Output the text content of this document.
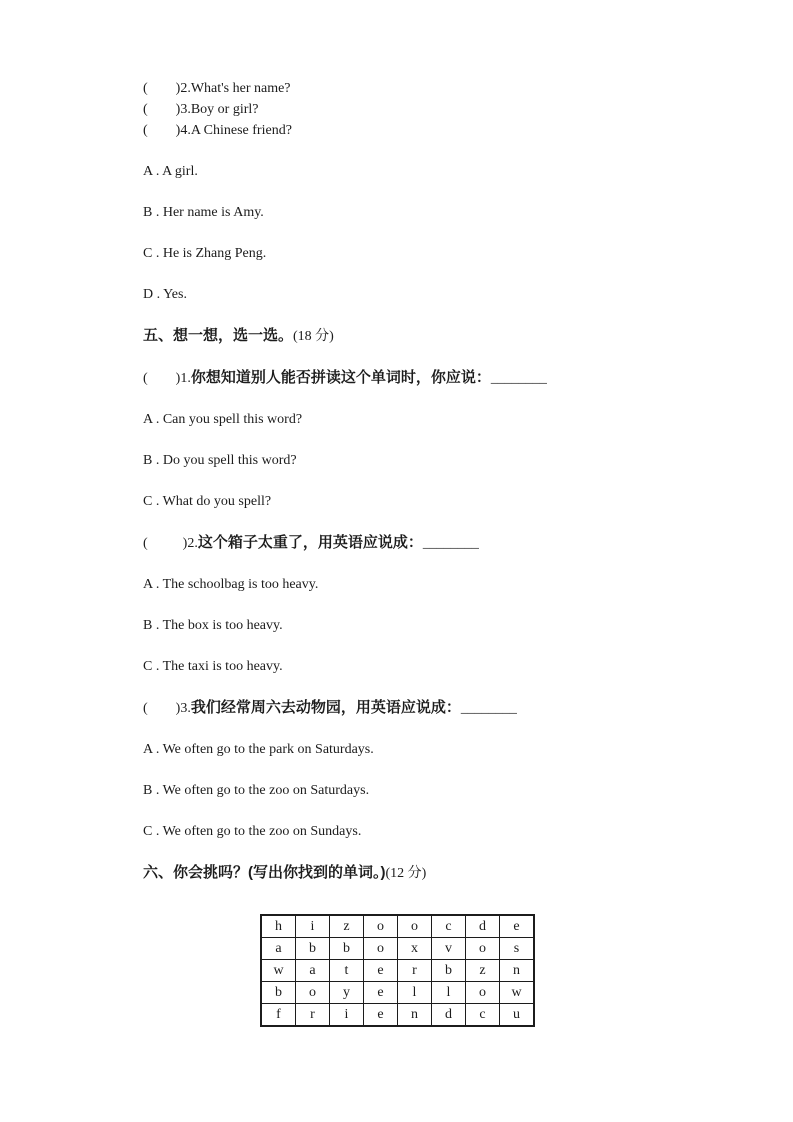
(        )2.What's her name?

(        )3.Boy or girl?

(        )4.A Chinese friend?

A . A girl.

B . Her name is Amy.

C . He is Zhang Peng.

D . Yes.

五、想一想，选一选。(18 分)

(        )1.你想知道别人能否拼读这个单词时，你应说：________

A . Can you spell this word?

B . Do you spell this word?

C . What do you spell?

(          )2.这个箱子太重了，用英语应说成：________

A . The schoolbag is too heavy.

B . The box is too heavy.

C . The taxi is too heavy.

(        )3.我们经常周六去动物园，用英语应说成：________

A . We often go to the park on Saturdays.

B . We often go to the zoo on Saturdays.

C . We often go to the zoo on Sundays.

六、你会挑吗？(写出你找到的单词。)(12 分)

h	i	z	o	o	c	d	e
a	b	b	o	x	v	o	s
w	a	t	e	r	b	z	n
b	o	y	e	l	l	o	w
f	r	i	e	n	d	c	u
